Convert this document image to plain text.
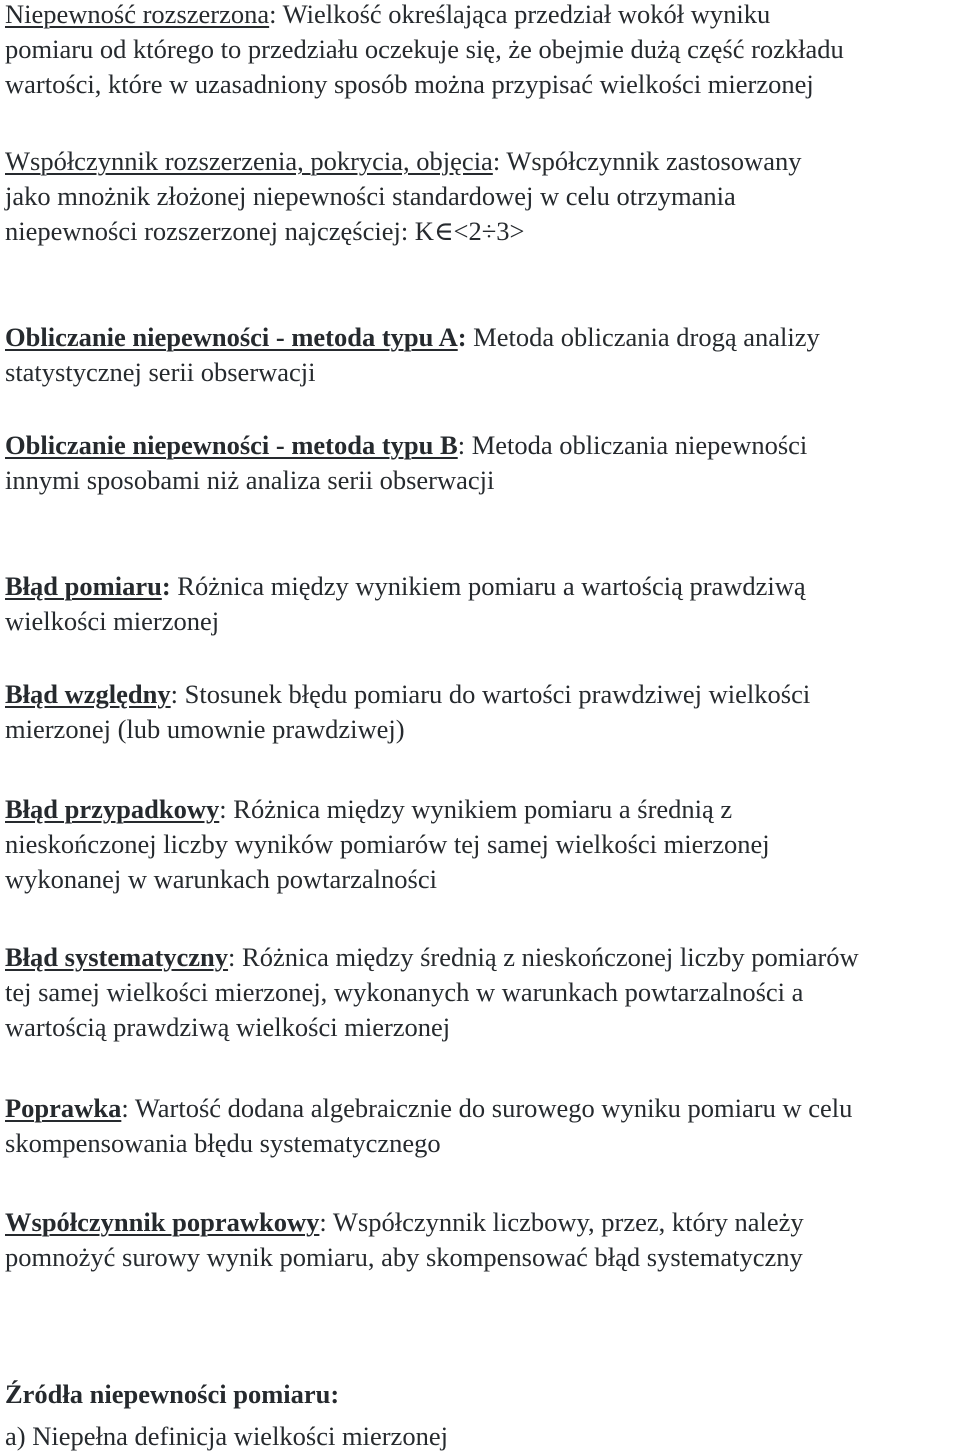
Niepewność rozszerzona: Wielkość określająca przedział wokół wyniku
pomiaru od którego to przedziału oczekuje się, że obejmie dużą część rozkładu
wartości, które w uzasadniony sposób można przypisać wielkości mierzonej
Współczynnik rozszerzenia, pokrycia, objęcia: Współczynnik zastosowany
jako mnożnik złożonej niepewności standardowej w celu otrzymania
niepewności rozszerzonej najczęściej: K∈<2÷3>
Obliczanie niepewności - metoda typu A: Metoda obliczania drogą analizy
statystycznej serii obserwacji
Obliczanie niepewności - metoda typu B: Metoda obliczania niepewności
innymi sposobami niż analiza serii obserwacji
Błąd pomiaru: Różnica między wynikiem pomiaru a wartością prawdziwą
wielkości mierzonej
Błąd względny: Stosunek błędu pomiaru do wartości prawdziwej wielkości
mierzonej (lub umownie prawdziwej)
Błąd przypadkowy: Różnica między wynikiem pomiaru a średnią z
nieskończonej liczby wyników pomiarów tej samej wielkości mierzonej
wykonanej w warunkach powtarzalności
Błąd systematyczny: Różnica między średnią z nieskończonej liczby pomiarów
tej samej wielkości mierzonej, wykonanych w warunkach powtarzalności a
wartością prawdziwą wielkości mierzonej
Poprawka: Wartość dodana algebraicznie do surowego wyniku pomiaru w celu
skompensowania błędu systematycznego
Współczynnik poprawkowy: Współczynnik liczbowy, przez, który należy
pomnożyć surowy wynik pomiaru, aby skompensować błąd systematyczny
Źródła niepewności pomiaru:
a) Niepełna definicja wielkości mierzonej
